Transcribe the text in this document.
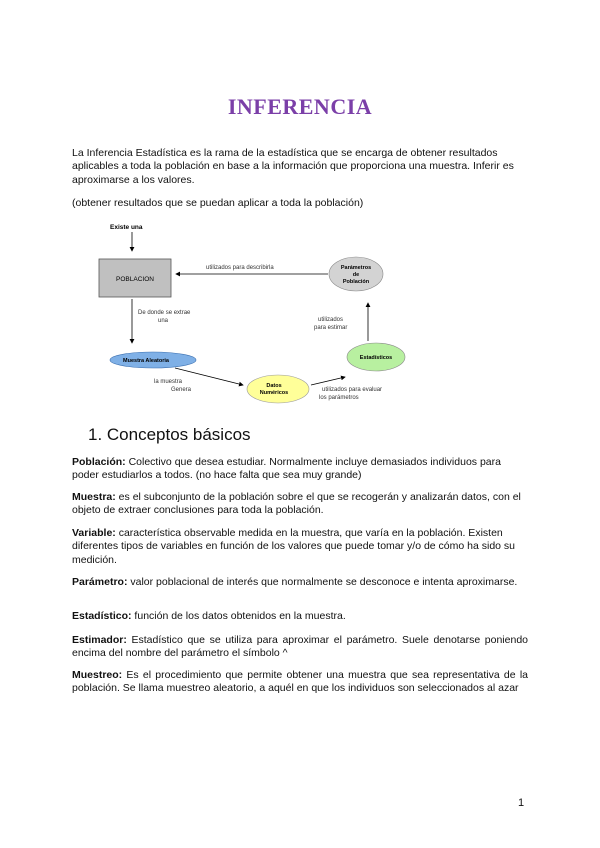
INFERENCIA

La Inferencia Estadística es la rama de la estadística que se encarga de obtener resultados aplicables a toda la población en base a la información que proporciona una muestra. Inferir es aproximarse a los valores.

(obtener resultados que se puedan aplicar a toda la población)

Existe una
POBLACION
Parámetros
de
Población
utilizados para describirla
De donde se extrae
una
Muestra Aleatoria
la muestra
Genera
Datos
Numéricos	utilizados para evaluar
los parámetros
Estadísticos
utilizados
para estimar
1. Conceptos básicos

Población: Colectivo que desea estudiar. Normalmente incluye demasiados individuos para poder estudiarlos a todos. (no hace falta que sea muy grande)

Muestra: es el subconjunto de la población sobre el que se recogerán y analizarán datos, con el objeto de extraer conclusiones para toda la población.

Variable: característica observable medida en la muestra, que varía en la población. Existen diferentes tipos de variables en función de los valores que puede tomar y/o de cómo ha sido su medición.

Parámetro: valor poblacional de interés que normalmente se desconoce e intenta aproximarse.

Estadístico: función de los datos obtenidos en la muestra.

Estimador: Estadístico que se utiliza para aproximar el parámetro. Suele denotarse poniendo encima del nombre del parámetro el símbolo ^

Muestreo: Es el procedimiento que permite obtener una muestra que sea representativa de la población. Se llama muestreo aleatorio, a aquél en que los individuos son seleccionados al azar

1
